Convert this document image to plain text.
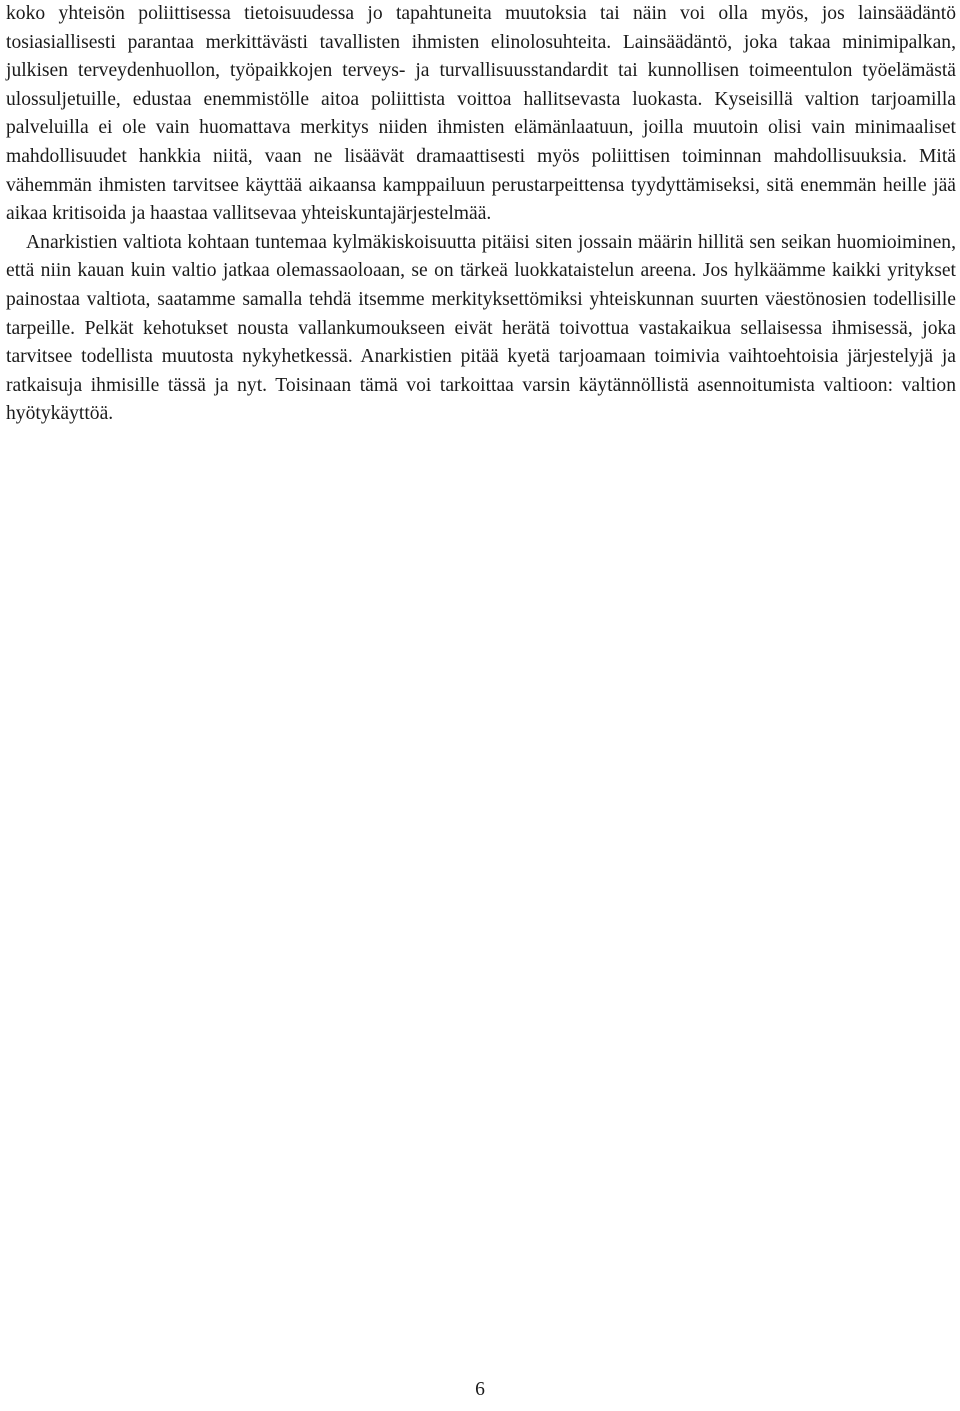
koko yhteisön poliittisessa tietoisuudessa jo tapahtuneita muutoksia tai näin voi olla myös, jos lainsäädäntö tosiasiallisesti parantaa merkittävästi tavallisten ihmisten elinolosuhteita. Lainsäädäntö, joka takaa minimipalkan, julkisen terveydenhuollon, työpaikkojen terveys- ja turvallisuusstandardit tai kunnollisen toimeentulon työelämästä ulossuljetuille, edustaa enemmistölle aitoa poliittista voittoa hallitsevasta luokasta. Kyseisillä valtion tarjoamilla palveluilla ei ole vain huomattava merkitys niiden ihmisten elämänlaatuun, joilla muutoin olisi vain minimaaliset mahdollisuudet hankkia niitä, vaan ne lisäävät dramaattisesti myös poliittisen toiminnan mahdollisuuksia. Mitä vähemmän ihmisten tarvitsee käyttää aikaansa kamppailuun perustarpeittensa tyydyttämiseksi, sitä enemmän heille jää aikaa kritisoida ja haastaa vallitsevaa yhteiskuntajärjestelmää.

Anarkistien valtiota kohtaan tuntemaa kylmäkiskoisuutta pitäisi siten jossain määrin hillitä sen seikan huomioiminen, että niin kauan kuin valtio jatkaa olemassaoloaan, se on tärkeä luokkataistelun areena. Jos hylkäämme kaikki yritykset painostaa valtiota, saatamme samalla tehdä itsemme merkityksettömiksi yhteiskunnan suurten väestönosien todellisille tarpeille. Pelkät kehotukset nousta vallankumoukseen eivät herätä toivottua vastakaikua sellaisessa ihmisessä, joka tarvitsee todellista muutosta nykyhetkessä. Anarkistien pitää kyetä tarjoamaan toimivia vaihtoehtoisia järjestelyjä ja ratkaisuja ihmisille tässä ja nyt. Toisinaan tämä voi tarkoittaa varsin käytännöllistä asennoitumista valtioon: valtion hyötykäyttöä.

6
